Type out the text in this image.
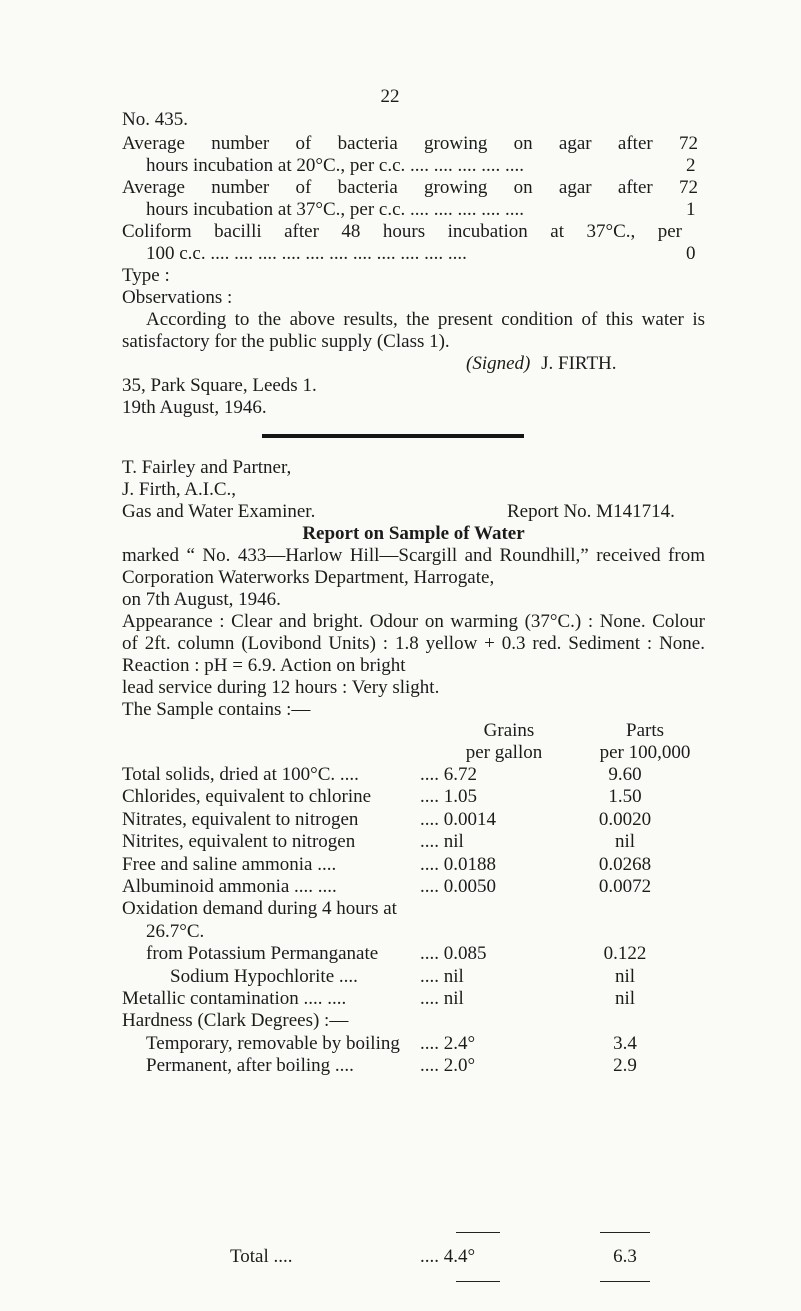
22
No. 435.
Average number of bacteria growing on agar after 72
hours incubation at 20°C., per c.c. .... .... .... .... ....	2
Average number of bacteria growing on agar after 72
hours incubation at 37°C., per c.c. .... .... .... .... ....	1
Coliform bacilli after 48 hours incubation at 37°C., per
100 c.c. .... .... .... .... .... .... .... .... .... .... ....	0
Type :
Observations :
According to the above results, the present condition of this water is satisfactory for the public supply (Class 1).
(Signed) J. FIRTH.
35, Park Square, Leeds 1.
19th August, 1946.
T. Fairley and Partner,
J. Firth, A.I.C.,
Gas and Water Examiner.	Report No. M141714.
Report on Sample of Water
marked “ No. 433—Harlow Hill—Scargill and Roundhill,” received from Corporation Waterworks Department, Harrogate,
on 7th August, 1946.
Appearance : Clear and bright. Odour on warming (37°C.) : None. Colour of 2ft. column (Lovibond Units) : 1.8 yellow + 0.3 red. Sediment : None. Reaction : pH = 6.9. Action on bright
lead service during 12 hours : Very slight.
The Sample contains :—
Grains
per gallon
Parts
per 100,000
Total solids, dried at 100°C. ....	.... 6.72	9.60
Chlorides, equivalent to chlorine	.... 1.05	1.50
Nitrates, equivalent to nitrogen	.... 0.0014	0.0020
Nitrites, equivalent to nitrogen	.... nil	nil
Free and saline ammonia ....	.... 0.0188	0.0268
Albuminoid ammonia .... ....	.... 0.0050	0.0072
Oxidation demand during 4 hours at
26.7°C.
from Potassium Permanganate .... 0.085	0.122
Sodium Hypochlorite ....	.... nil	nil
Metallic contamination .... ....	.... nil	nil
Hardness (Clark Degrees) :—
Temporary, removable by boiling .... 2.4°	3.4
Permanent, after boiling ....	.... 2.0°	2.9
Total ....	.... 4.4°	6.3
